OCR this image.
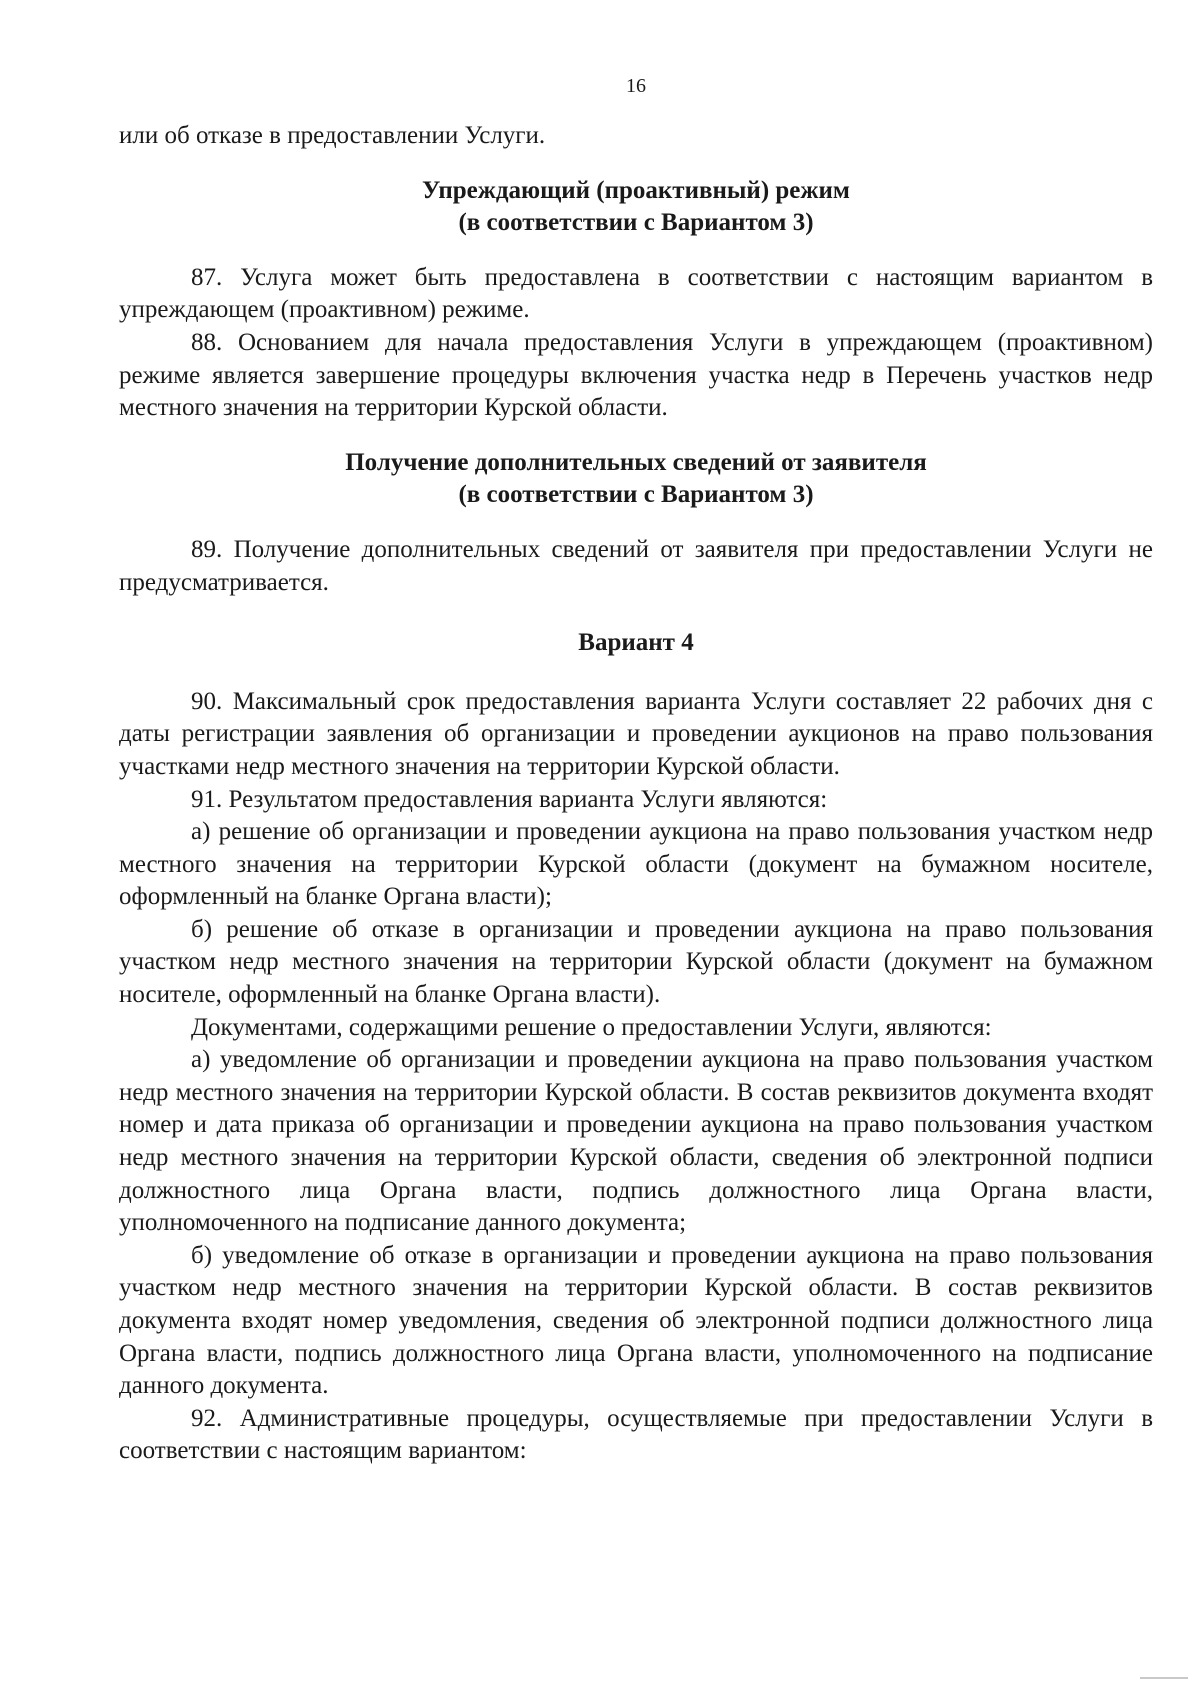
16

или об отказе в предоставлении Услуги.

Упреждающий (проактивный) режим
(в соответствии с Вариантом 3)

87. Услуга может быть предоставлена в соответствии с настоящим вариантом в упреждающем (проактивном) режиме.

88. Основанием для начала предоставления Услуги в упреждающем (проактивном) режиме является завершение процедуры включения участка недр в Перечень участков недр местного значения на территории Курской области.

Получение дополнительных сведений от заявителя
(в соответствии с Вариантом 3)

89. Получение дополнительных сведений от заявителя при предоставлении Услуги не предусматривается.

Вариант 4

90. Максимальный срок предоставления варианта Услуги составляет 22 рабочих дня с даты регистрации заявления об организации и проведении аукционов на право пользования участками недр местного значения на территории Курской области.

91. Результатом предоставления варианта Услуги являются:

а) решение об организации и проведении аукциона на право пользования участком недр местного значения на территории Курской области (документ на бумажном носителе, оформленный на бланке Органа власти);

б) решение об отказе в организации и проведении аукциона на право пользования участком недр местного значения на территории Курской области (документ на бумажном носителе, оформленный на бланке Органа власти).

Документами, содержащими решение о предоставлении Услуги, являются:

а) уведомление об организации и проведении аукциона на право пользования участком недр местного значения на территории Курской области. В состав реквизитов документа входят номер и дата приказа об организации и проведении аукциона на право пользования участком недр местного значения на территории Курской области, сведения об электронной подписи должностного лица Органа власти, подпись должностного лица Органа власти, уполномоченного на подписание данного документа;

б) уведомление об отказе в организации и проведении аукциона на право пользования участком недр местного значения на территории Курской области. В состав реквизитов документа входят номер уведомления, сведения об электронной подписи должностного лица Органа власти, подпись должностного лица Органа власти, уполномоченного на подписание данного документа.

92. Административные процедуры, осуществляемые при предоставлении Услуги в соответствии с настоящим вариантом:
